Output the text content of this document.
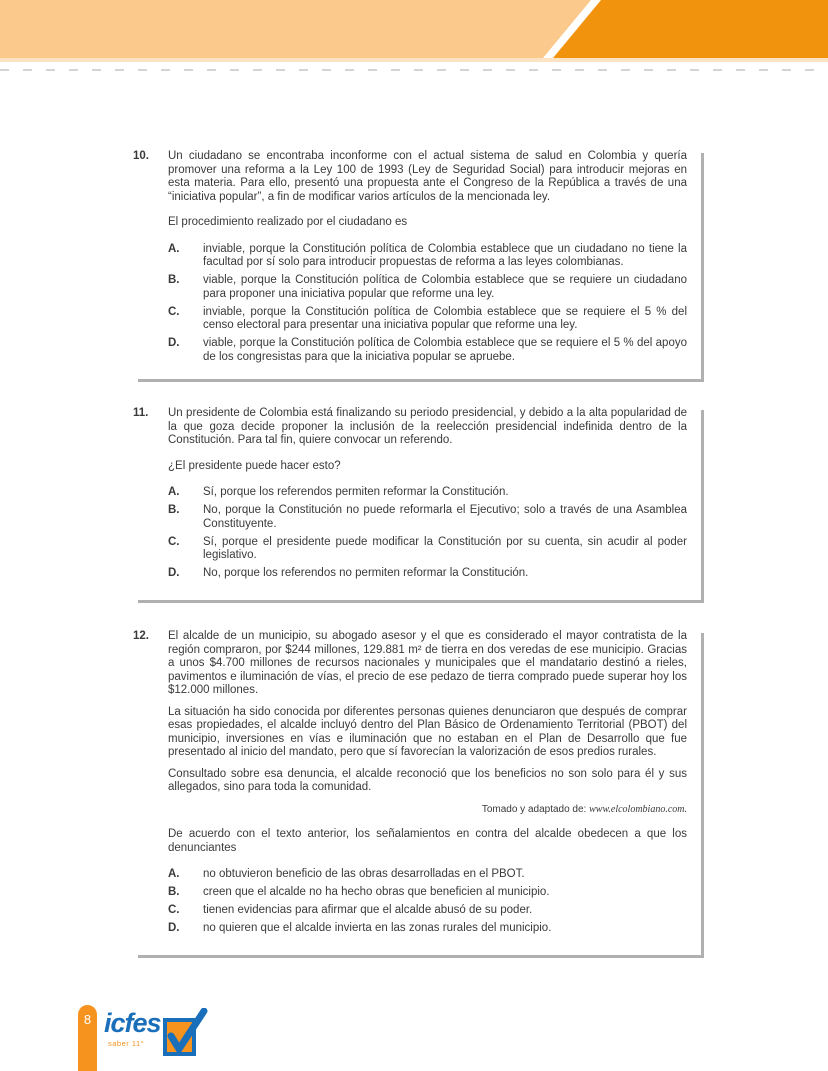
10.	Un ciudadano se encontraba inconforme con el actual sistema de salud en Colombia y quería promover una reforma a la Ley 100 de 1993 (Ley de Seguridad Social) para introducir mejoras en esta materia. Para ello, presentó una propuesta ante el Congreso de la República a través de una “iniciativa popular”, a fin de modificar varios artículos de la mencionada ley.

El procedimiento realizado por el ciudadano es

A.	inviable, porque la Constitución política de Colombia establece que un ciudadano no tiene la facultad por sí solo para introducir propuestas de reforma a las leyes colombianas.
B.	viable, porque la Constitución política de Colombia establece que se requiere un ciudadano para proponer una iniciativa popular que reforme una ley.
C.	inviable, porque la Constitución política de Colombia establece que se requiere el 5 % del censo electoral para presentar una iniciativa popular que reforme una ley.
D.	viable, porque la Constitución política de Colombia establece que se requiere el 5 % del apoyo de los congresistas para que la iniciativa popular se apruebe.
11.	Un presidente de Colombia está finalizando su periodo presidencial, y debido a la alta popularidad de la que goza decide proponer la inclusión de la reelección presidencial indefinida dentro de la Constitución. Para tal fin, quiere convocar un referendo.

¿El presidente puede hacer esto?

A.	Sí, porque los referendos permiten reformar la Constitución.
B.	No, porque la Constitución no puede reformarla el Ejecutivo; solo a través de una Asamblea Constituyente.
C.	Sí, porque el presidente puede modificar la Constitución por su cuenta, sin acudir al poder legislativo.
D.	No, porque los referendos no permiten reformar la Constitución.
12.	El alcalde de un municipio, su abogado asesor y el que es considerado el mayor contratista de la región compraron, por $244 millones, 129.881 m² de tierra en dos veredas de ese municipio. Gracias a unos $4.700 millones de recursos nacionales y municipales que el mandatario destinó a rieles, pavimentos e iluminación de vías, el precio de ese pedazo de tierra comprado puede superar hoy los $12.000 millones.

La situación ha sido conocida por diferentes personas quienes denunciaron que después de comprar esas propiedades, el alcalde incluyó dentro del Plan Básico de Ordenamiento Territorial (PBOT) del municipio, inversiones en vías e iluminación que no estaban en el Plan de Desarrollo que fue presentado al inicio del mandato, pero que sí favorecían la valorización de esos predios rurales.

Consultado sobre esa denuncia, el alcalde reconoció que los beneficios no son solo para él y sus allegados, sino para toda la comunidad.

Tomado y adaptado de: www.elcolombiano.com.

De acuerdo con el texto anterior, los señalamientos en contra del alcalde obedecen a que los denunciantes

A.	no obtuvieron beneficio de las obras desarrolladas en el PBOT.
B.	creen que el alcalde no ha hecho obras que beneficien al municipio.
C.	tienen evidencias para afirmar que el alcalde abusó de su poder.
D.	no quieren que el alcalde invierta en las zonas rurales del municipio.
8 icfes
saber 11°
